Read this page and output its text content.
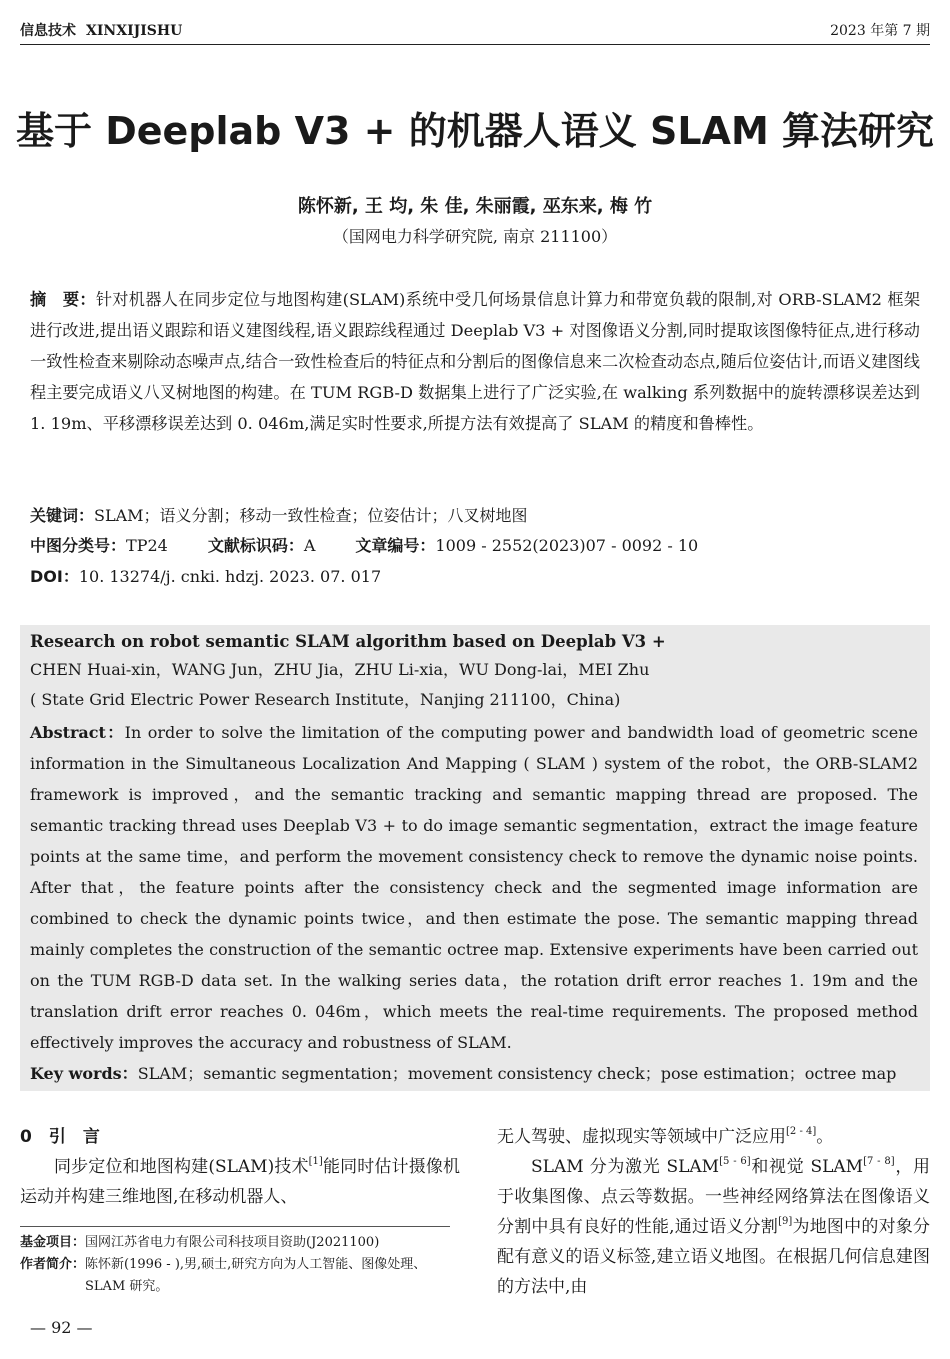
信息技术 XINXIJISHU	2023 年第 7 期
基于 Deeplab V3 + 的机器人语义 SLAM 算法研究
陈怀新, 王 均, 朱 佳, 朱丽霞, 巫东来, 梅 竹
（国网电力科学研究院, 南京 211100）
摘　要：针对机器人在同步定位与地图构建(SLAM)系统中受几何场景信息计算力和带宽负载的限制,对 ORB-SLAM2 框架进行改进,提出语义跟踪和语义建图线程,语义跟踪线程通过 Deeplab V3 + 对图像语义分割,同时提取该图像特征点,进行移动一致性检查来剔除动态噪声点,结合一致性检查后的特征点和分割后的图像信息来二次检查动态点,随后位姿估计,而语义建图线程主要完成语义八叉树地图的构建。在 TUM RGB-D 数据集上进行了广泛实验,在 walking 系列数据中的旋转漂移误差达到 1. 19m、平移漂移误差达到 0. 046m,满足实时性要求,所提方法有效提高了 SLAM 的精度和鲁棒性。
关键词：SLAM；语义分割；移动一致性检查；位姿估计；八叉树地图
中图分类号：TP24	文献标识码：A	文章编号：1009 - 2552(2023)07 - 0092 - 10
DOI：10. 13274/j. cnki. hdzj. 2023. 07. 017
Research on robot semantic SLAM algorithm based on Deeplab V3 +
CHEN Huai-xin，WANG Jun，ZHU Jia，ZHU Li-xia，WU Dong-lai，MEI Zhu
( State Grid Electric Power Research Institute，Nanjing 211100，China)
Abstract：In order to solve the limitation of the computing power and bandwidth load of geometric scene information in the Simultaneous Localization And Mapping ( SLAM ) system of the robot，the ORB-SLAM2 framework is improved，and the semantic tracking and semantic mapping thread are proposed. The semantic tracking thread uses Deeplab V3 + to do image semantic segmentation，extract the image feature points at the same time，and perform the movement consistency check to remove the dynamic noise points. After that，the feature points after the consistency check and the segmented image information are combined to check the dynamic points twice，and then estimate the pose. The semantic mapping thread mainly completes the construction of the semantic octree map. Extensive experiments have been carried out on the TUM RGB-D data set. In the walking series data，the rotation drift error reaches 1. 19m and the translation drift error reaches 0. 046m，which meets the real-time requirements. The proposed method effectively improves the accuracy and robustness of SLAM.
Key words：SLAM；semantic segmentation；movement consistency check；pose estimation；octree map
0　引　言

同步定位和地图构建(SLAM)技术[1]能同时估计摄像机运动并构建三维地图,在移动机器人、

基金项目： 国网江苏省电力有限公司科技项目资助(J2021100)
作者简介： 陈怀新(1996 - ),男,硕士,研究方向为人工智能、图像处理、SLAM 研究。
— 92 —

无人驾驶、虚拟现实等领域中广泛应用[2 - 4]。

SLAM 分为激光 SLAM[5 - 6]和视觉 SLAM[7 - 8]，用于收集图像、点云等数据。一些神经网络算法在图像语义分割中具有良好的性能,通过语义分割[9]为地图中的对象分配有意义的语义标签,建立语义地图。在根据几何信息建图的方法中,由
